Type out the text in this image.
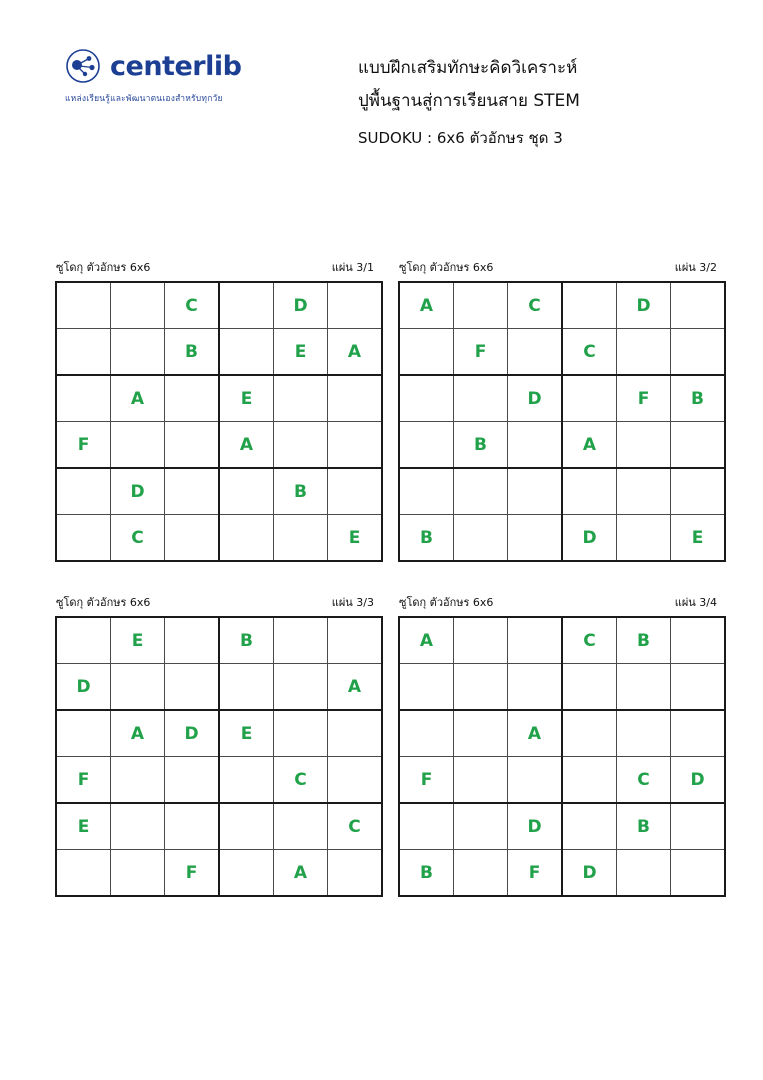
centerlib
แหล่งเรียนรู้และพัฒนาตนเองสำหรับทุกวัย
แบบฝึกเสริมทักษะคิดวิเคราะห์
ปูพื้นฐานสู่การเรียนสาย STEM
SUDOKU : 6x6 ตัวอักษร ชุด 3
ซูโดกุ ตัวอักษร 6x6	แผ่น 3/1
		C		D	
		B		E	A
	A		E		
F			A		
	D			B	
	C				E
ซูโดกุ ตัวอักษร 6x6	แผ่น 3/2
A		C		D	
	F		C		
		D		F	B
	B		A		

B			D		E
ซูโดกุ ตัวอักษร 6x6	แผ่น 3/3
	E		B		
D					A
	A	D	E		
F				C	
E					C
		F		A	
ซูโดกุ ตัวอักษร 6x6	แผ่น 3/4
A			C	B	

		A			
F				C	D
		D		B	
B		F	D		
